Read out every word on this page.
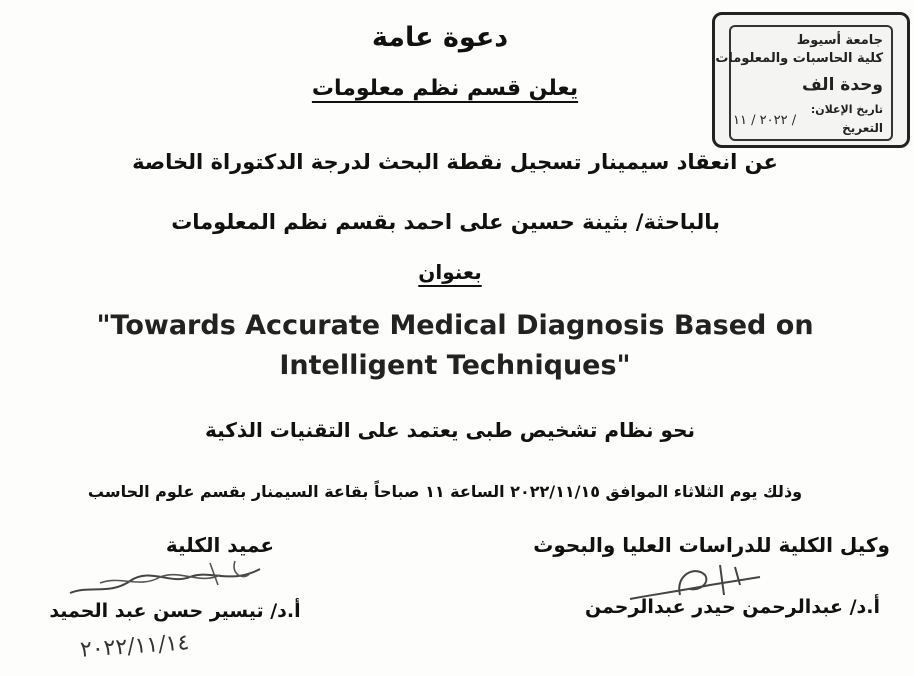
جامعة أسيوط
كلية الحاسبات والمعلومات
وحدة الف
تاريخ الإعلان:
التعريخ
٢٠٢٢ / ١١ /
دعوة عامة
يعلن قسم نظم معلومات
عن انعقاد سيمينار تسجيل نقطة البحث لدرجة الدكتوراة الخاصة
بالباحثة/ بثينة حسين على احمد بقسم نظم المعلومات
بعنوان
"Towards Accurate Medical Diagnosis Based on Intelligent Techniques"
نحو نظام تشخيص طبى يعتمد على التقنيات الذكية
وذلك يوم الثلاثاء الموافق ٢٠٢٢/١١/١٥ الساعة ١١ صباحاً بقاعة السيمنار بقسم علوم الحاسب
عميد الكلية
أ.د/ تيسير حسن عبد الحميد
٢٠٢٢/١١/١٤
وكيل الكلية للدراسات العليا والبحوث
أ.د/ عبدالرحمن حيدر عبدالرحمن
